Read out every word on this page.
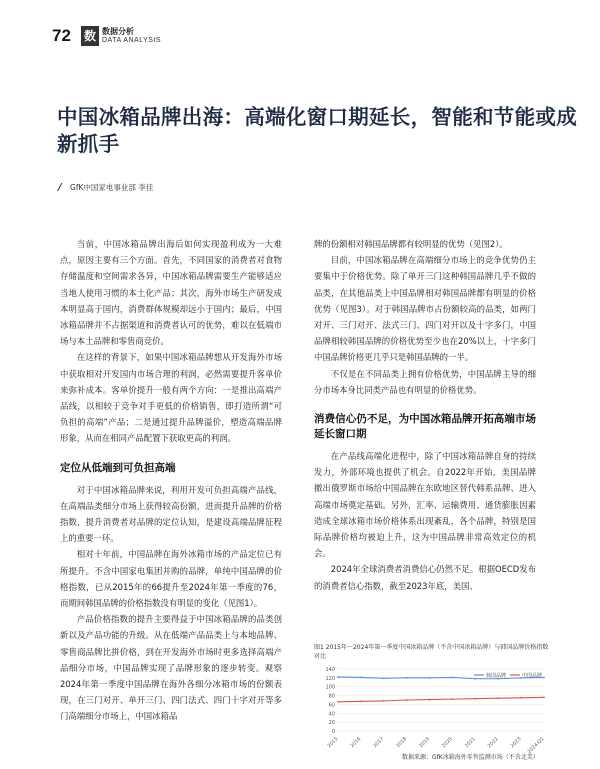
72 数 数据分析
DATA ANALYSIS
中国冰箱品牌出海：高端化窗口期延长，智能和节能或成新抓手
/ GfK中国家电事业部 李佳

当前，中国冰箱品牌出海后如何实现盈利成为一大难点，原因主要有三个方面。首先，不同国家的消费者对食物存储温度和空间需求各异，中国冰箱品牌需要生产能够适应当地人使用习惯的本土化产品；其次，海外市场生产研发成本明显高于国内，消费群体规模却远小于国内；最后，中国冰箱品牌并不占据渠道和消费者认可的优势，难以在低端市场与本土品牌和零售商竞价。

在这样的背景下，如果中国冰箱品牌想从开发海外市场中获取相对开发国内市场合理的利润，必然需要提升客单价来弥补成本。客单价提升一般有两个方向：一是推出高端产品线，以相较于竞争对手更低的价格销售，即打造所谓“可负担的高端”产品；二是通过提升品牌溢价，塑造高端品牌形象，从而在相同产品配置下获取更高的利润。

定位从低端到可负担高端

对于中国冰箱品牌来说，利用开发可负担高端产品线，在高端品类细分市场上获得较高份额，进而提升品牌的价格指数，提升消费者对品牌的定位认知，是建设高端品牌征程上的重要一环。

相对十年前，中国品牌在海外冰箱市场的产品定位已有所提升。不含中国家电集团并购的品牌，单纯中国品牌的价格指数，已从2015年的66提升至2024年第一季度的76，而期间韩国品牌的价格指数没有明显的变化（见图1）。

产品价格指数的提升主要得益于中国冰箱品牌的品类创新以及产品功能的升级。从在低端产品品类上与本地品牌、零售商品牌比拼价格，到在开发海外市场时更多选择高端产品细分市场，中国品牌实现了品牌形象的逐步转变。观察2024年第一季度中国品牌在海外各细分冰箱市场的份额表现，在三门对开、单开三门、四门法式、四门十字对开等多门高端细分市场上，中国冰箱品

牌的份额相对韩国品牌都有较明显的优势（见图2）。

目前，中国冰箱品牌在高端细分市场上的竞争优势仍主要集中于价格优势。除了单开三门这种韩国品牌几乎不做的品类，在其他品类上中国品牌相对韩国品牌都有明显的价格优势（见图3）。对于韩国品牌市占份额较高的品类，如两门对开、三门对开、法式三门、四门对开以及十字多门，中国品牌相较韩国品牌的价格优势至少也在20%以上，十字多门中国品牌价格更几乎只是韩国品牌的一半。

不仅是在不同品类上拥有价格优势，中国品牌主导的细分市场本身比同类产品也有明显的价格优势。

消费信心仍不足，为中国冰箱品牌开拓高端市场延长窗口期

在产品线高端化进程中，除了中国冰箱品牌自身的持续发力，外部环境也提供了机会。自2022年开始，美国品牌撤出俄罗斯市场给中国品牌在东欧地区替代韩系品牌、进入高端市场奠定基础。另外，汇率、运输费用、通货膨胀因素造成全球冰箱市场价格体系出现紊乱，各个品牌，特别是国际品牌价格均被迫上升，这为中国品牌非常高效定位的机会。

2024年全球消费者消费信心仍然不足。根据OECD发布的消费者信心指数，截至2023年底，美国、

图1 2015年～2024年第一季度中国冰箱品牌（不含中国冰箱品牌）与韩国品牌价格指数对比
0
20
40
60
80
100
120
140
2015 2016 2017 2018 2019 2020 2021 2022 2023 2024 Q1
韩国品牌	中国品牌
数据来源：GfK冰箱海外零售监测市场（不含北美）
